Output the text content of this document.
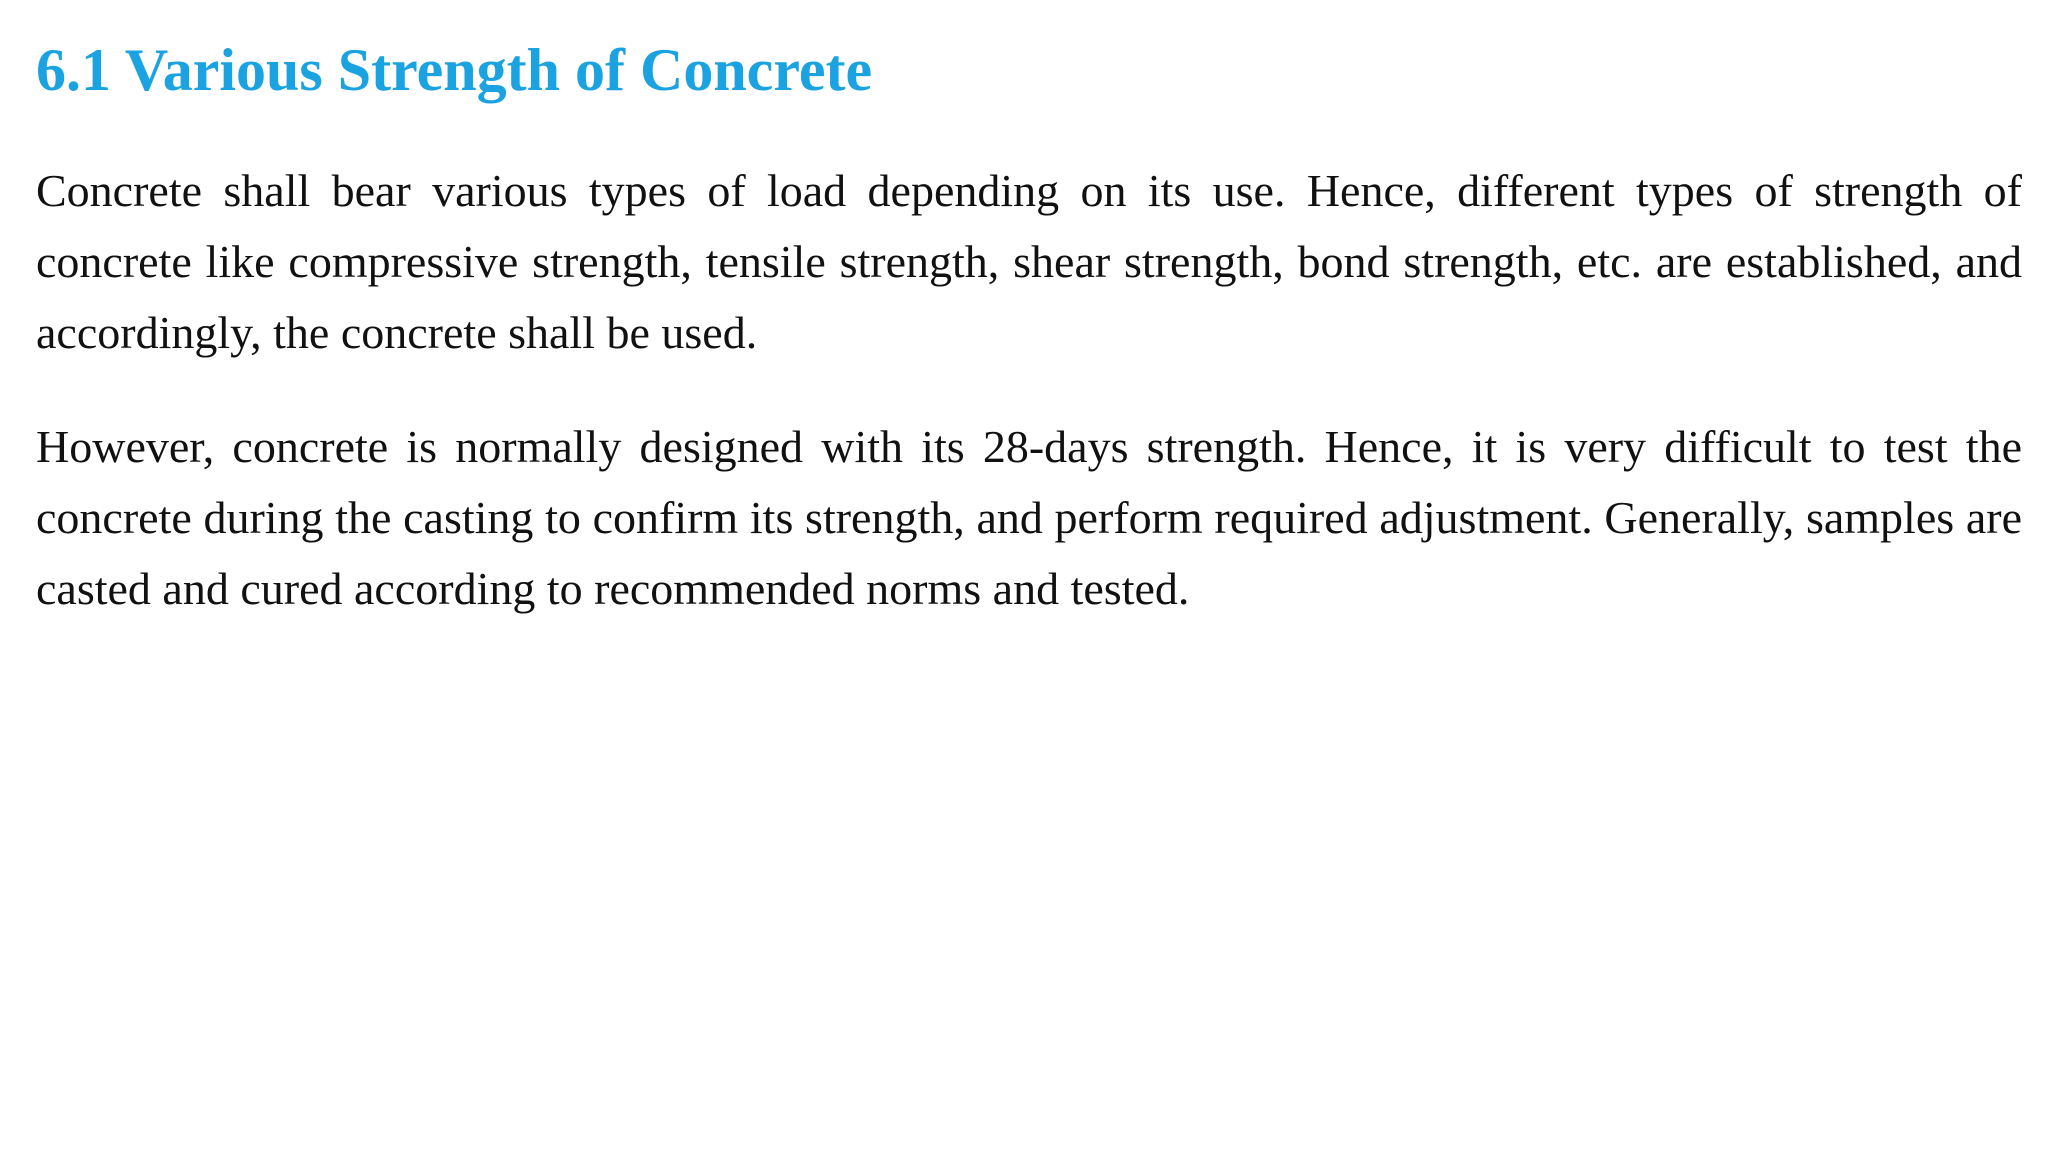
6.1 Various Strength of Concrete

Concrete shall bear various types of load depending on its use. Hence, different types of strength of concrete like compressive strength, tensile strength, shear strength, bond strength, etc. are established, and accordingly, the concrete shall be used.

However, concrete is normally designed with its 28-days strength. Hence, it is very difficult to test the concrete during the casting to confirm its strength, and perform required adjustment. Generally, samples are casted and cured according to recommended norms and tested.
